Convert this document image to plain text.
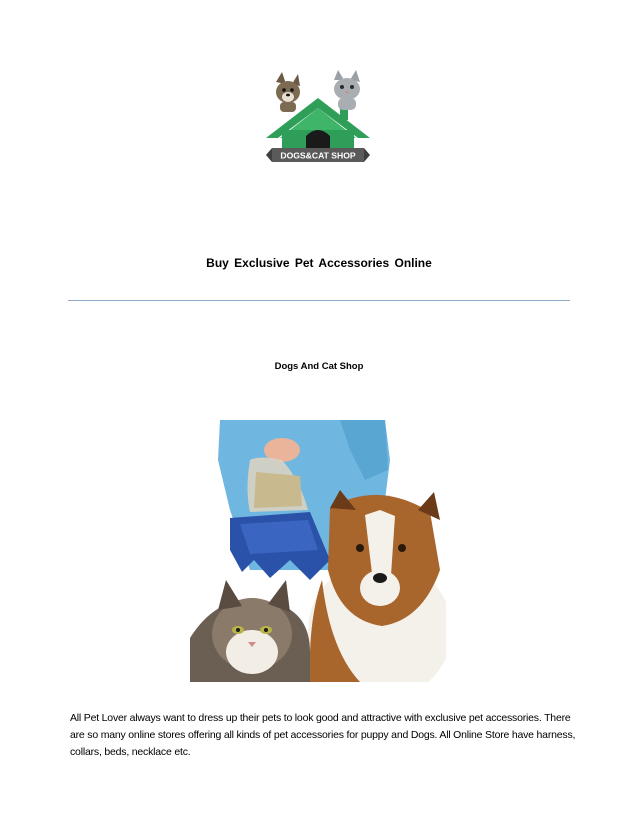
DOGS&CAT SHOP
Buy Exclusive Pet Accessories Online
Dogs And Cat Shop
All Pet Lover always want to dress up their pets to look good and attractive with exclusive pet accessories. There are so many online stores offering all kinds of pet accessories for puppy and Dogs. All Online Store have harness, collars, beds, necklace etc.
